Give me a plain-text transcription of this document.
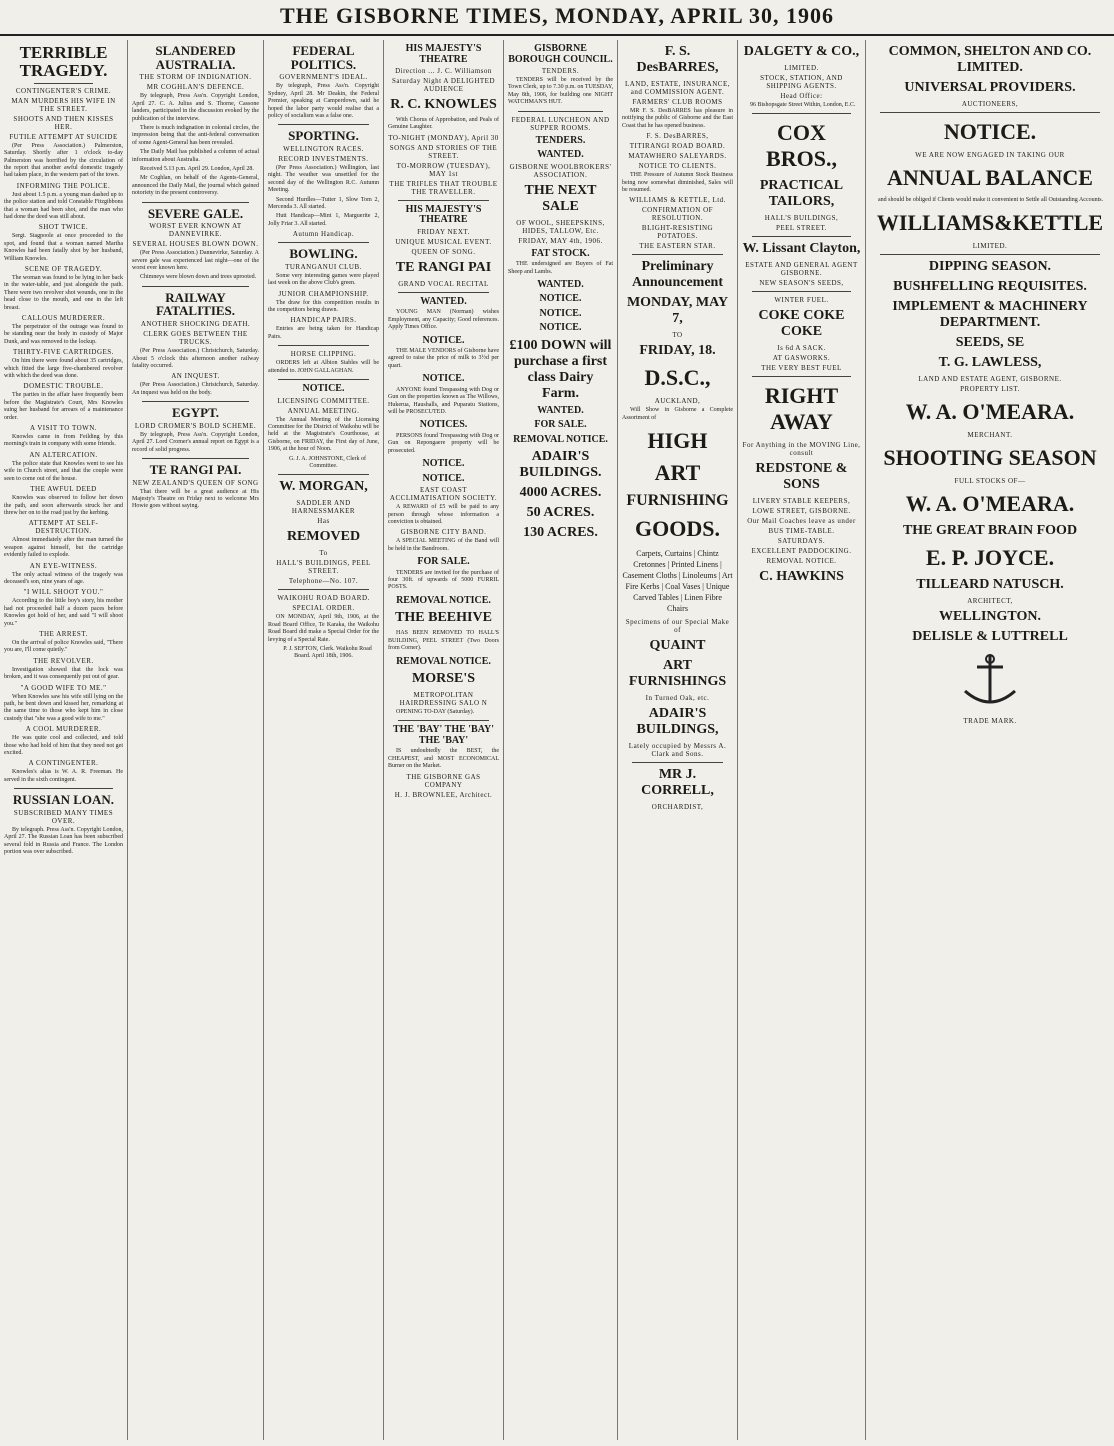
THE GISBORNE TIMES, MONDAY, APRIL 30, 1906
TERRIBLE TRAGEDY.
CONTINGENTER'S CRIME.
MAN MURDERS HIS WIFE IN THE STREET.
SHOOTS AND THEN KISSES HER.
FUTILE ATTEMPT AT SUICIDE
(Per Press Association.) Palmerston, Saturday. Shortly after 1 o'clock to-day Palmerston was horrified by the circulation of the report that another awful domestic tragedy had taken place, in the western part of the town.
INFORMING THE POLICE.
Just about 1.5 p.m. a young man dashed up to the police station and told Constable Fitzgibbons that a woman had been shot, and the man who had done the deed was still about.
SHOT TWICE.
Sergt. Stagpoole at once proceeded to the spot, and found that a woman named Martha Knowles had been fatally shot by her husband, William Knowles.
SCENE OF TRAGEDY.
The woman was found to be lying in her back in the water-table, and just alongside the path. There were two revolver shot wounds, one in the head close to the mouth, and one in the left breast.
CALLOUS MURDERER.
The perpetrator of the outrage was found to be standing near the body in custody of Major Dunk, and was removed to the lockup.
THIRTY-FIVE CARTRIDGES.
On him there were found about 35 cartridges, which fitted the large five-chambered revolver with which the deed was done.
DOMESTIC TROUBLE.
The parties in the affair have frequently been before the Magistrate's Court, Mrs Knowles suing her husband for arrears of a maintenance order.
A VISIT TO TOWN.
Knowles came in from Feilding by this morning's train in company with some friends.
AN ALTERCATION.
The police state that Knowles went to see his wife in Church street, and that the couple were seen to come out of the house.
THE AWFUL DEED
Knowles was observed to follow her down the path, and soon afterwards struck her and threw her on to the road just by the kerbing.
ATTEMPT AT SELF-DESTRUCTION.
Almost immediately after the man turned the weapon against himself, but the cartridge evidently failed to explode.
AN EYE-WITNESS.
The only actual witness of the tragedy was deceased's son, nine years of age.
"I WILL SHOOT YOU."
According to the little boy's story, his mother had not proceeded half a dozen paces before Knowles got hold of her, and said "I will shoot you."
THE ARREST.
On the arrival of police Knowles said, "There you are, I'll come quietly."
THE REVOLVER.
Investigation showed that the lock was broken, and it was consequently put out of gear.
"A GOOD WIFE TO ME."
When Knowles saw his wife still lying on the path, he bent down and kissed her, remarking at the same time to those who kept him in close custody that "she was a good wife to me."
A COOL MURDERER.
He was quite cool and collected, and told those who had hold of him that they need not get excited.
A CONTINGENTER.
Knowles's alias is W. A. R. Freeman. He served in the sixth contingent.
RUSSIAN LOAN.
SUBSCRIBED MANY TIMES OVER.
By telegraph. Press Ass'n. Copyright London, April 27. The Russian Loan has been subscribed several fold in Russia and France. The London portion was over subscribed.
SLANDERED AUSTRALIA.
THE STORM OF INDIGNATION.
MR COGHLAN'S DEFENCE.
By telegraph, Press Ass'n. Copyright London, April 27. C. A. Julius and S. Thorne, Cassone landers, participated in the discussion evoked by the publication of the interview.
There is much indignation in colonial circles, the impression being that the anti-federal conversation of some Agent-General has been revealed.
The Daily Mail has published a column of actual information about Australia.
Received 5.13 p.m. April 29. London, April 28.
Mr Coghlan, on behalf of the Agents-General, announced the Daily Mail, the journal which gained notoriety in the present controversy.
SEVERE GALE.
WORST EVER KNOWN AT DANNEVIRKE.
SEVERAL HOUSES BLOWN DOWN.
(Per Press Association.) Dannevirke, Saturday. A severe gale was experienced last night—one of the worst ever known here.
Chimneys were blown down and trees uprooted.
RAILWAY FATALITIES.
ANOTHER SHOCKING DEATH.
CLERK GOES BETWEEN THE TRUCKS.
(Per Press Association.) Christchurch, Saturday. About 5 o'clock this afternoon another railway fatality occurred.
AN INQUEST.
(Per Press Association.) Christchurch, Saturday. An inquest was held on the body.
EGYPT.
LORD CROMER'S BOLD SCHEME.
By telegraph, Press Ass'n. Copyright London, April 27. Lord Cromer's annual report on Egypt is a record of solid progress.
TE RANGI PAI.
NEW ZEALAND'S QUEEN OF SONG
That there will be a great audience at His Majesty's Theatre on Friday next to welcome Mrs Howie goes without saying.
FEDERAL POLITICS.
GOVERNMENT'S IDEAL.
By telegraph, Press Ass'n. Copyright Sydney, April 28. Mr Deakin, the Federal Premier, speaking at Camperdown, said he hoped the labor party would realise that a policy of socialism was a false one.
SPORTING.
WELLINGTON RACES.
RECORD INVESTMENTS.
(Per Press Association.) Wellington, last night. The weather was unsettled for the second day of the Wellington R.C. Autumn Meeting.
Second Hurdles—Tutter 1, Slow Tom 2, Mercenda 3. All started.
Hutt Handicap—Mint 1, Marguerite 2, Jolly Friar 3. All started.
Autumn Handicap.
BOWLING.
TURANGANUI CLUB.
Some very interesting games were played last week on the above Club's green.
JUNIOR CHAMPIONSHIP.
The draw for this competition results in the competitors being drawn.
HANDICAP PAIRS.
Entries are being taken for Handicap Pairs.
HORSE CLIPPING.
ORDERS left at Albion Stables will be attended to. JOHN GALLAGHAN.
NOTICE.
LICENSING COMMITTEE.
ANNUAL MEETING.
The Annual Meeting of the Licensing Committee for the District of Waikohu will be held at the Magistrate's Courthouse, at Gisborne, on FRIDAY, the First day of June, 1906, at the hour of Noon.
G. J. A. JOHNSTONE, Clerk of Committee.
W. MORGAN,
SADDLER AND HARNESSMAKER
Has
REMOVED
To
HALL'S BUILDINGS, PEEL STREET.
Telephone—No. 107.
WAIKOHU ROAD BOARD.
SPECIAL ORDER.
ON MONDAY, April 9th, 1906, at the Road Board Office, Te Karaka, the Waikohu Road Board did make a Special Order for the levying of a Special Rate.
P. J. SEFTON, Clerk. Waikohu Road Board. April 18th, 1906.
HIS MAJESTY'S THEATRE
Direction ... J. C. Williamson
Saturday Night A DELIGHTED AUDIENCE
R. C. KNOWLES
With Chorus of Approbation, and Peals of Genuine Laughter.
TO-NIGHT (MONDAY), April 30
SONGS AND STORIES OF THE STREET.
TO-MORROW (TUESDAY), MAY 1st
THE TRIFLES THAT TROUBLE THE TRAVELLER.
HIS MAJESTY'S THEATRE
FRIDAY NEXT.
UNIQUE MUSICAL EVENT.
QUEEN OF SONG.
TE RANGI PAI
GRAND VOCAL RECITAL
WANTED.
YOUNG MAN (Norman) wishes Employment, any Capacity; Good references. Apply Times Office.
NOTICE.
THE MALE VENDORS of Gisborne have agreed to raise the price of milk to 3½d per quart.
NOTICE.
ANYONE found Trespassing with Dog or Gun on the properties known as The Willows, Hukerua, Haushalls, and Puparatu Stations, will be PROSECUTED.
NOTICES.
PERSONS found Trespassing with Dog or Gun on Repongaere property will be prosecuted.
NOTICE.
NOTICE.
EAST COAST ACCLIMATISATION SOCIETY.
A REWARD of £5 will be paid to any person through whose information a conviction is obtained.
GISBORNE CITY BAND.
A SPECIAL MEETING of the Band will be held in the Bandroom.
FOR SALE.
TENDERS are invited for the purchase of four 30ft. of upwards of 5000 FURRIL POSTS.
REMOVAL NOTICE.
THE BEEHIVE
HAS BEEN REMOVED TO HALL'S BUILDING, PEEL STREET (Two Doors from Corner).
REMOVAL NOTICE.
MORSE'S
METROPOLITAN HAIRDRESSING SALO N
OPENING TO-DAY (Saturday).
THE 'BAY' THE 'BAY' THE 'BAY'
IS undoubtedly the BEST, the CHEAPEST, and MOST ECONOMICAL Burner on the Market.
THE GISBORNE GAS COMPANY
H. J. BROWNLEE, Architect.
GISBORNE BOROUGH COUNCIL.
TENDERS.
TENDERS will be received by the Town Clerk, up to 7.30 p.m. on TUESDAY, May 8th, 1906, for building one NIGHT WATCHMAN'S HUT.
FEDERAL LUNCHEON AND SUPPER ROOMS.
TENDERS.
WANTED.
GISBORNE WOOLBROKERS' ASSOCIATION.
THE NEXT SALE
OF WOOL, SHEEPSKINS, HIDES, TALLOW, Etc.
FRIDAY, MAY 4th, 1906.
FAT STOCK.
THE undersigned are Buyers of Fat Sheep and Lambs.
WANTED.
NOTICE.
NOTICE.
NOTICE.
£100 DOWN will purchase a first class Dairy Farm.
WANTED.
FOR SALE.
REMOVAL NOTICE.
ADAIR'S BUILDINGS.
4000 ACRES.
50 ACRES.
130 ACRES.
F. S. DesBARRES,
LAND, ESTATE, INSURANCE, and COMMISSION AGENT.
FARMERS' CLUB ROOMS
MR F. S. DesBARRES has pleasure in notifying the public of Gisborne and the East Coast that he has opened business.
F. S. DesBARRES,
TITIRANGI ROAD BOARD.
MATAWHERO SALEYARDS.
NOTICE TO CLIENTS.
THE Pressure of Autumn Stock Business being now somewhat diminished, Sales will be resumed.
WILLIAMS & KETTLE, Ltd.
CONFIRMATION OF RESOLUTION.
BLIGHT-RESISTING POTATOES.
THE EASTERN STAR.
Preliminary Announcement
MONDAY, MAY 7,
TO
FRIDAY, 18.
D.S.C.,
AUCKLAND,
Will Show in Gisborne a Complete Assortment of
HIGH
ART
FURNISHING
GOODS.
Carpets, Curtains | Chintz Cretonnes | Printed Linens | Casement Cloths | Linoleums | Art Fire Kerbs | Coal Vases | Unique Carved Tables | Linen Fibre Chairs
Specimens of our Special Make of
QUAINT
ART FURNISHINGS
In Turned Oak, etc.
ADAIR'S BUILDINGS,
Lately occupied by Messrs A. Clark and Sons.
MR J. CORRELL,
ORCHARDIST,
DALGETY & CO.,
LIMITED.
STOCK, STATION, AND SHIPPING AGENTS.
Head Office:
96 Bishopsgate Street Within, London, E.C.
COX BROS.,
PRACTICAL TAILORS,
HALL'S BUILDINGS,
PEEL STREET.
W. Lissant Clayton,
ESTATE AND GENERAL AGENT GISBORNE.
NEW SEASON'S SEEDS,
WINTER FUEL.
COKE COKE COKE
Is 6d A SACK.
AT GASWORKS.
THE VERY BEST FUEL
RIGHT AWAY
For Anything in the MOVING Line, consult
REDSTONE & SONS
LIVERY STABLE KEEPERS,
LOWE STREET, GISBORNE.
Our Mail Coaches leave as under
BUS TIME-TABLE.
SATURDAYS.
EXCELLENT PADDOCKING.
REMOVAL NOTICE.
C. HAWKINS
COMMON, SHELTON AND CO. LIMITED.
UNIVERSAL PROVIDERS.
AUCTIONEERS,
NOTICE.
WE ARE NOW ENGAGED IN TAKING OUR
ANNUAL BALANCE
and should be obliged if Clients would make it convenient to Settle all Outstanding Accounts.
WILLIAMS&KETTLE
LIMITED.
DIPPING SEASON.
BUSHFELLING REQUISITES.
IMPLEMENT & MACHINERY DEPARTMENT.
SEEDS, SE
T. G. LAWLESS,
LAND AND ESTATE AGENT, GISBORNE.
PROPERTY LIST.
W. A. O'MEARA.
MERCHANT.
SHOOTING SEASON
FULL STOCKS OF—
W. A. O'MEARA.
THE GREAT BRAIN FOOD
E. P. JOYCE.
TILLEARD NATUSCH.
ARCHITECT,
WELLINGTON.
DELISLE & LUTTRELL
TRADE MARK.
